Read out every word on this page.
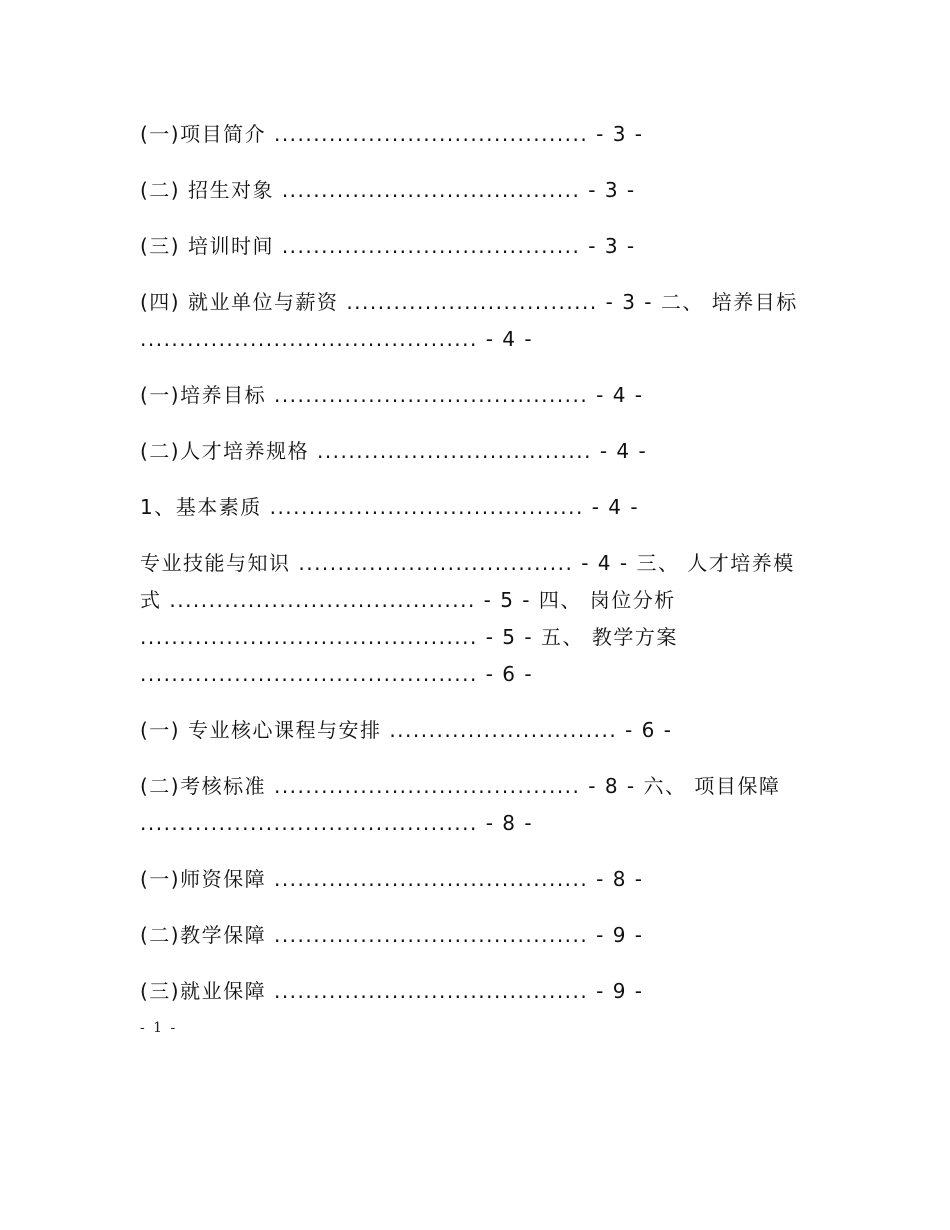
(一)项目简介 ........................................ - 3 -
(二) 招生对象 ...................................... - 3 -
(三) 培训时间 ...................................... - 3 -
(四) 就业单位与薪资 ................................ - 3 - 二、 培养目标 ........................................... - 4 -
(一)培养目标 ........................................ - 4 -
(二)人才培养规格 ................................... - 4 -
1、基本素质 ........................................ - 4 -
专业技能与知识 ................................... - 4 - 三、 人才培养模式 ....................................... - 5 - 四、 岗位分析 ........................................... - 5 - 五、 教学方案 ........................................... - 6 -
(一) 专业核心课程与安排 ............................. - 6 -
(二)考核标准 ....................................... - 8 - 六、 项目保障 ........................................... - 8 -
(一)师资保障 ........................................ - 8 -
(二)教学保障 ........................................ - 9 -
(三)就业保障 ........................................ - 9 -
- 1 -
